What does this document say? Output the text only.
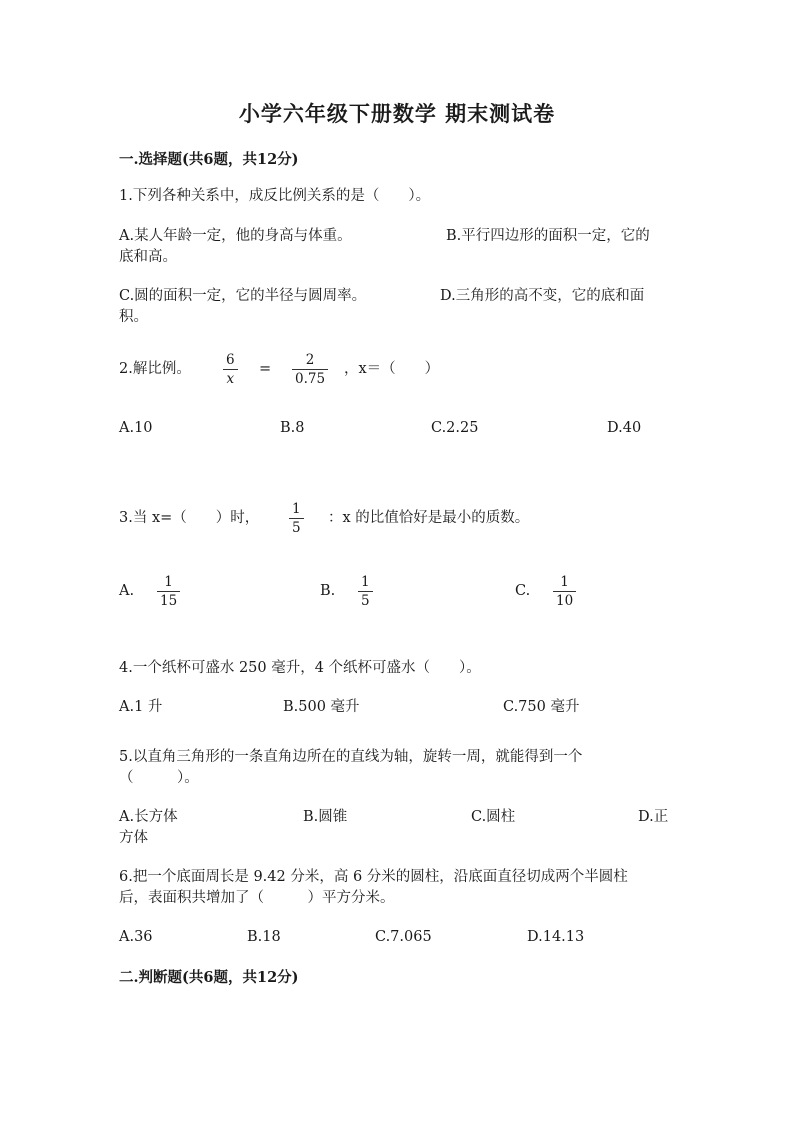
小学六年级下册数学 期末测试卷
一.选择题(共6题，共12分)
1.下列各种关系中，成反比例关系的是（　　）。
A.某人年龄一定，他的身高与体重。	B.平行四边形的面积一定，它的
底和高。
C.圆的面积一定，它的半径与圆周率。	D.三角形的高不变，它的底和面
积。
2.解比例。
6
x
=
2
0.75
，x＝（　　）
A.10	B.8	C.2.25	D.40
3.当 x=（　　）时，
1
5
：x 的比值恰好是最小的质数。
A.
1
15
B.
1
5
C.
1
10
4.一个纸杯可盛水 250 毫升，4 个纸杯可盛水（　　）。
A.1 升	B.500 毫升	C.750 毫升
5.以直角三角形的一条直角边所在的直线为轴，旋转一周，就能得到一个
（　　　）。
A.长方体	B.圆锥	C.圆柱	D.正
方体
6.把一个底面周长是 9.42 分米，高 6 分米的圆柱，沿底面直径切成两个半圆柱
后，表面积共增加了（　　　）平方分米。
A.36	B.18	C.7.065	D.14.13
二.判断题(共6题，共12分)
